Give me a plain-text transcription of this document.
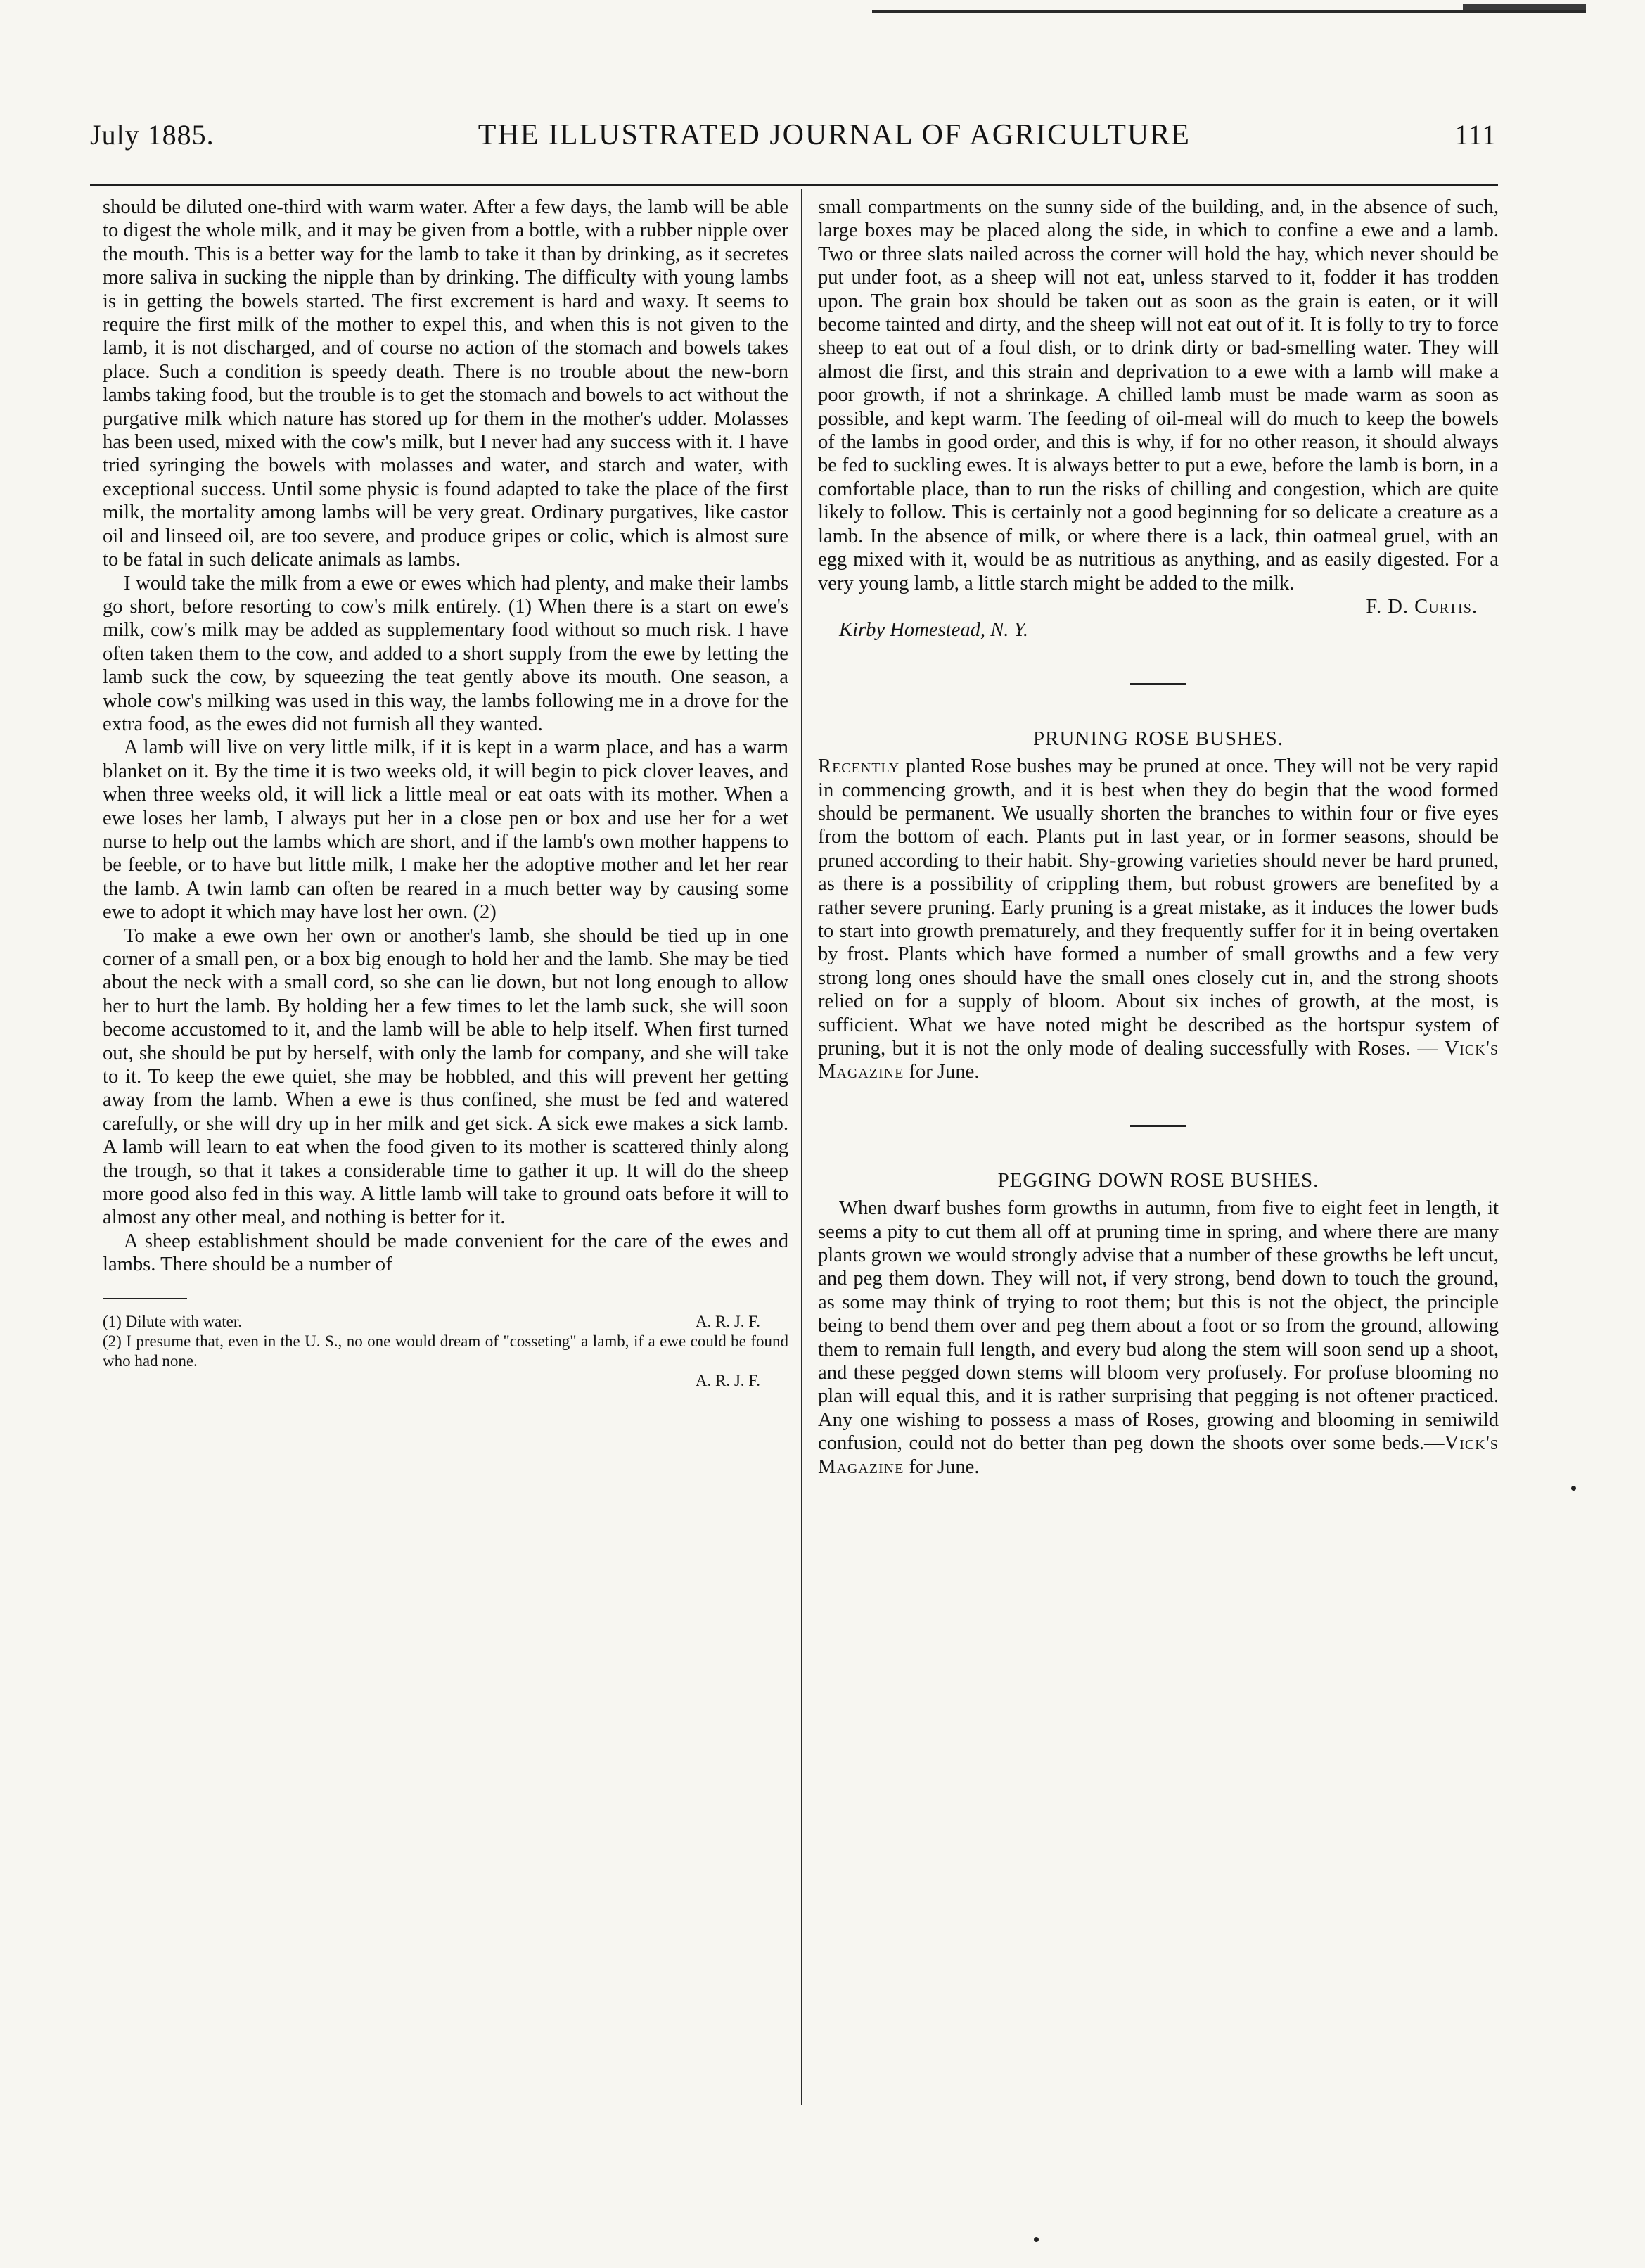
July 1885.	THE ILLUSTRATED JOURNAL OF AGRICULTURE	111

should be diluted one-third with warm water. After a few days, the lamb will be able to digest the whole milk, and it may be given from a bottle, with a rubber nipple over the mouth. This is a better way for the lamb to take it than by drinking, as it secretes more saliva in sucking the nipple than by drinking. The difficulty with young lambs is in getting the bowels started. The first excrement is hard and waxy. It seems to require the first milk of the mother to expel this, and when this is not given to the lamb, it is not discharged, and of course no action of the stomach and bowels takes place. Such a condition is speedy death. There is no trouble about the new-born lambs taking food, but the trouble is to get the stomach and bowels to act without the purgative milk which nature has stored up for them in the mother's udder. Molasses has been used, mixed with the cow's milk, but I never had any success with it. I have tried syringing the bowels with molasses and water, and starch and water, with exceptional success. Until some physic is found adapted to take the place of the first milk, the mortality among lambs will be very great. Ordinary purgatives, like castor oil and linseed oil, are too severe, and produce gripes or colic, which is almost sure to be fatal in such delicate animals as lambs.

I would take the milk from a ewe or ewes which had plenty, and make their lambs go short, before resorting to cow's milk entirely. (1) When there is a start on ewe's milk, cow's milk may be added as supplementary food without so much risk. I have often taken them to the cow, and added to a short supply from the ewe by letting the lamb suck the cow, by squeezing the teat gently above its mouth. One season, a whole cow's milking was used in this way, the lambs following me in a drove for the extra food, as the ewes did not furnish all they wanted.

A lamb will live on very little milk, if it is kept in a warm place, and has a warm blanket on it. By the time it is two weeks old, it will begin to pick clover leaves, and when three weeks old, it will lick a little meal or eat oats with its mother. When a ewe loses her lamb, I always put her in a close pen or box and use her for a wet nurse to help out the lambs which are short, and if the lamb's own mother happens to be feeble, or to have but little milk, I make her the adoptive mother and let her rear the lamb. A twin lamb can often be reared in a much better way by causing some ewe to adopt it which may have lost her own. (2)

To make a ewe own her own or another's lamb, she should be tied up in one corner of a small pen, or a box big enough to hold her and the lamb. She may be tied about the neck with a small cord, so she can lie down, but not long enough to allow her to hurt the lamb. By holding her a few times to let the lamb suck, she will soon become accustomed to it, and the lamb will be able to help itself. When first turned out, she should be put by herself, with only the lamb for company, and she will take to it. To keep the ewe quiet, she may be hobbled, and this will prevent her getting away from the lamb. When a ewe is thus confined, she must be fed and watered carefully, or she will dry up in her milk and get sick. A sick ewe makes a sick lamb. A lamb will learn to eat when the food given to its mother is scattered thinly along the trough, so that it takes a considerable time to gather it up. It will do the sheep more good also fed in this way. A little lamb will take to ground oats before it will to almost any other meal, and nothing is better for it.

A sheep establishment should be made convenient for the care of the ewes and lambs. There should be a number of

(1) Dilute with water.	A. R. J. F.
(2) I presume that, even in the U. S., no one would dream of "cosseting" a lamb, if a ewe could be found who had none.
A. R. J. F.

small compartments on the sunny side of the building, and, in the absence of such, large boxes may be placed along the side, in which to confine a ewe and a lamb. Two or three slats nailed across the corner will hold the hay, which never should be put under foot, as a sheep will not eat, unless starved to it, fodder it has trodden upon. The grain box should be taken out as soon as the grain is eaten, or it will become tainted and dirty, and the sheep will not eat out of it. It is folly to try to force sheep to eat out of a foul dish, or to drink dirty or bad-smelling water. They will almost die first, and this strain and deprivation to a ewe with a lamb will make a poor growth, if not a shrinkage. A chilled lamb must be made warm as soon as possible, and kept warm. The feeding of oil-meal will do much to keep the bowels of the lambs in good order, and this is why, if for no other reason, it should always be fed to suckling ewes. It is always better to put a ewe, before the lamb is born, in a comfortable place, than to run the risks of chilling and congestion, which are quite likely to follow. This is certainly not a good beginning for so delicate a creature as a lamb. In the absence of milk, or where there is a lack, thin oatmeal gruel, with an egg mixed with it, would be as nutritious as anything, and as easily digested. For a very young lamb, a little starch might be added to the milk.

F. D. Curtis.
Kirby Homestead, N. Y.
PRUNING ROSE BUSHES.

Recently planted Rose bushes may be pruned at once. They will not be very rapid in commencing growth, and it is best when they do begin that the wood formed should be permanent. We usually shorten the branches to within four or five eyes from the bottom of each. Plants put in last year, or in former seasons, should be pruned according to their habit. Shy-growing varieties should never be hard pruned, as there is a possibility of crippling them, but robust growers are benefited by a rather severe pruning. Early pruning is a great mistake, as it induces the lower buds to start into growth prematurely, and they frequently suffer for it in being overtaken by frost. Plants which have formed a number of small growths and a few very strong long ones should have the small ones closely cut in, and the strong shoots relied on for a supply of bloom. About six inches of growth, at the most, is sufficient. What we have noted might be described as the hortspur system of pruning, but it is not the only mode of dealing successfully with Roses. — Vick's Magazine for June.

PEGGING DOWN ROSE BUSHES.

When dwarf bushes form growths in autumn, from five to eight feet in length, it seems a pity to cut them all off at pruning time in spring, and where there are many plants grown we would strongly advise that a number of these growths be left uncut, and peg them down. They will not, if very strong, bend down to touch the ground, as some may think of trying to root them; but this is not the object, the principle being to bend them over and peg them about a foot or so from the ground, allowing them to remain full length, and every bud along the stem will soon send up a shoot, and these pegged down stems will bloom very profusely. For profuse blooming no plan will equal this, and it is rather surprising that pegging is not oftener practiced. Any one wishing to possess a mass of Roses, growing and blooming in semiwild confusion, could not do better than peg down the shoots over some beds.—Vick's Magazine for June.
